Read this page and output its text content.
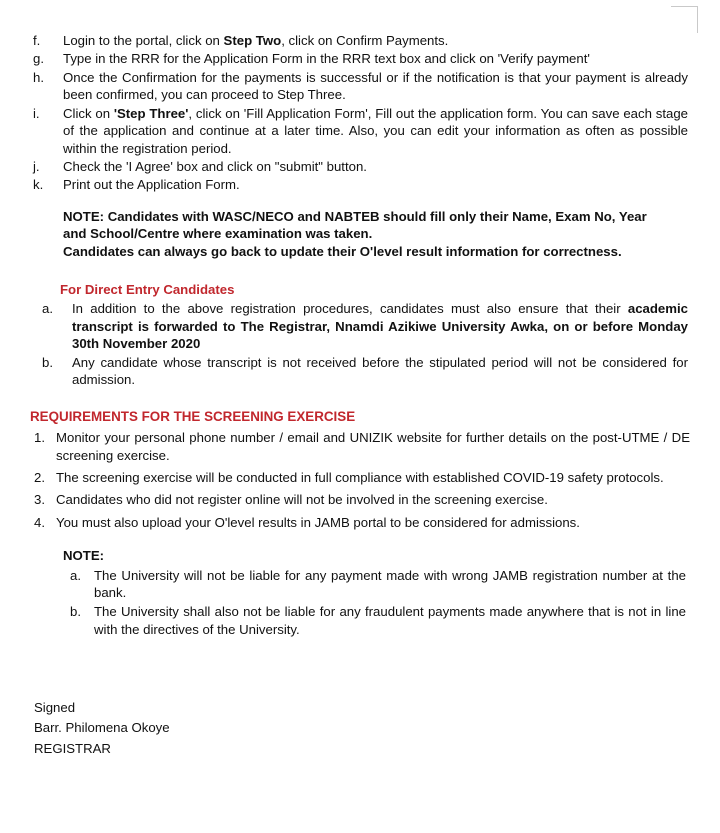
f.	Login to the portal, click on Step Two, click on Confirm Payments.
g.	Type in the RRR for the Application Form in the RRR text box and click on 'Verify payment'
h.	Once the Confirmation for the payments is successful or if the notification is that your payment is already been confirmed, you can proceed to Step Three.
i.	Click on 'Step Three', click on 'Fill Application Form', Fill out the application form. You can save each stage of the application and continue at a later time. Also, you can edit your information as often as possible within the registration period.
j.	Check the 'I Agree' box and click on "submit" button.
k.	Print out the Application Form.
NOTE: Candidates with WASC/NECO and NABTEB should fill only their Name, Exam No, Year and School/Centre where examination was taken.
Candidates can always go back to update their O'level result information for correctness.
For Direct Entry Candidates
a.	In addition to the above registration procedures, candidates must also ensure that their academic transcript is forwarded to The Registrar, Nnamdi Azikiwe University Awka, on or before Monday 30th November 2020
b.	Any candidate whose transcript is not received before the stipulated period will not be considered for admission.
REQUIREMENTS FOR THE SCREENING EXERCISE
1. Monitor your personal phone number / email and UNIZIK website for further details on the post-UTME / DE screening exercise.
2. The screening exercise will be conducted in full compliance with established COVID-19 safety protocols.
3. Candidates who did not register online will not be involved in the screening exercise.
4. You must also upload your O'level results in JAMB portal to be considered for admissions.
NOTE:
a. The University will not be liable for any payment made with wrong JAMB registration number at the bank.
b. The University shall also not be liable for any fraudulent payments made anywhere that is not in line with the directives of the University.
Signed
Barr. Philomena Okoye
REGISTRAR
